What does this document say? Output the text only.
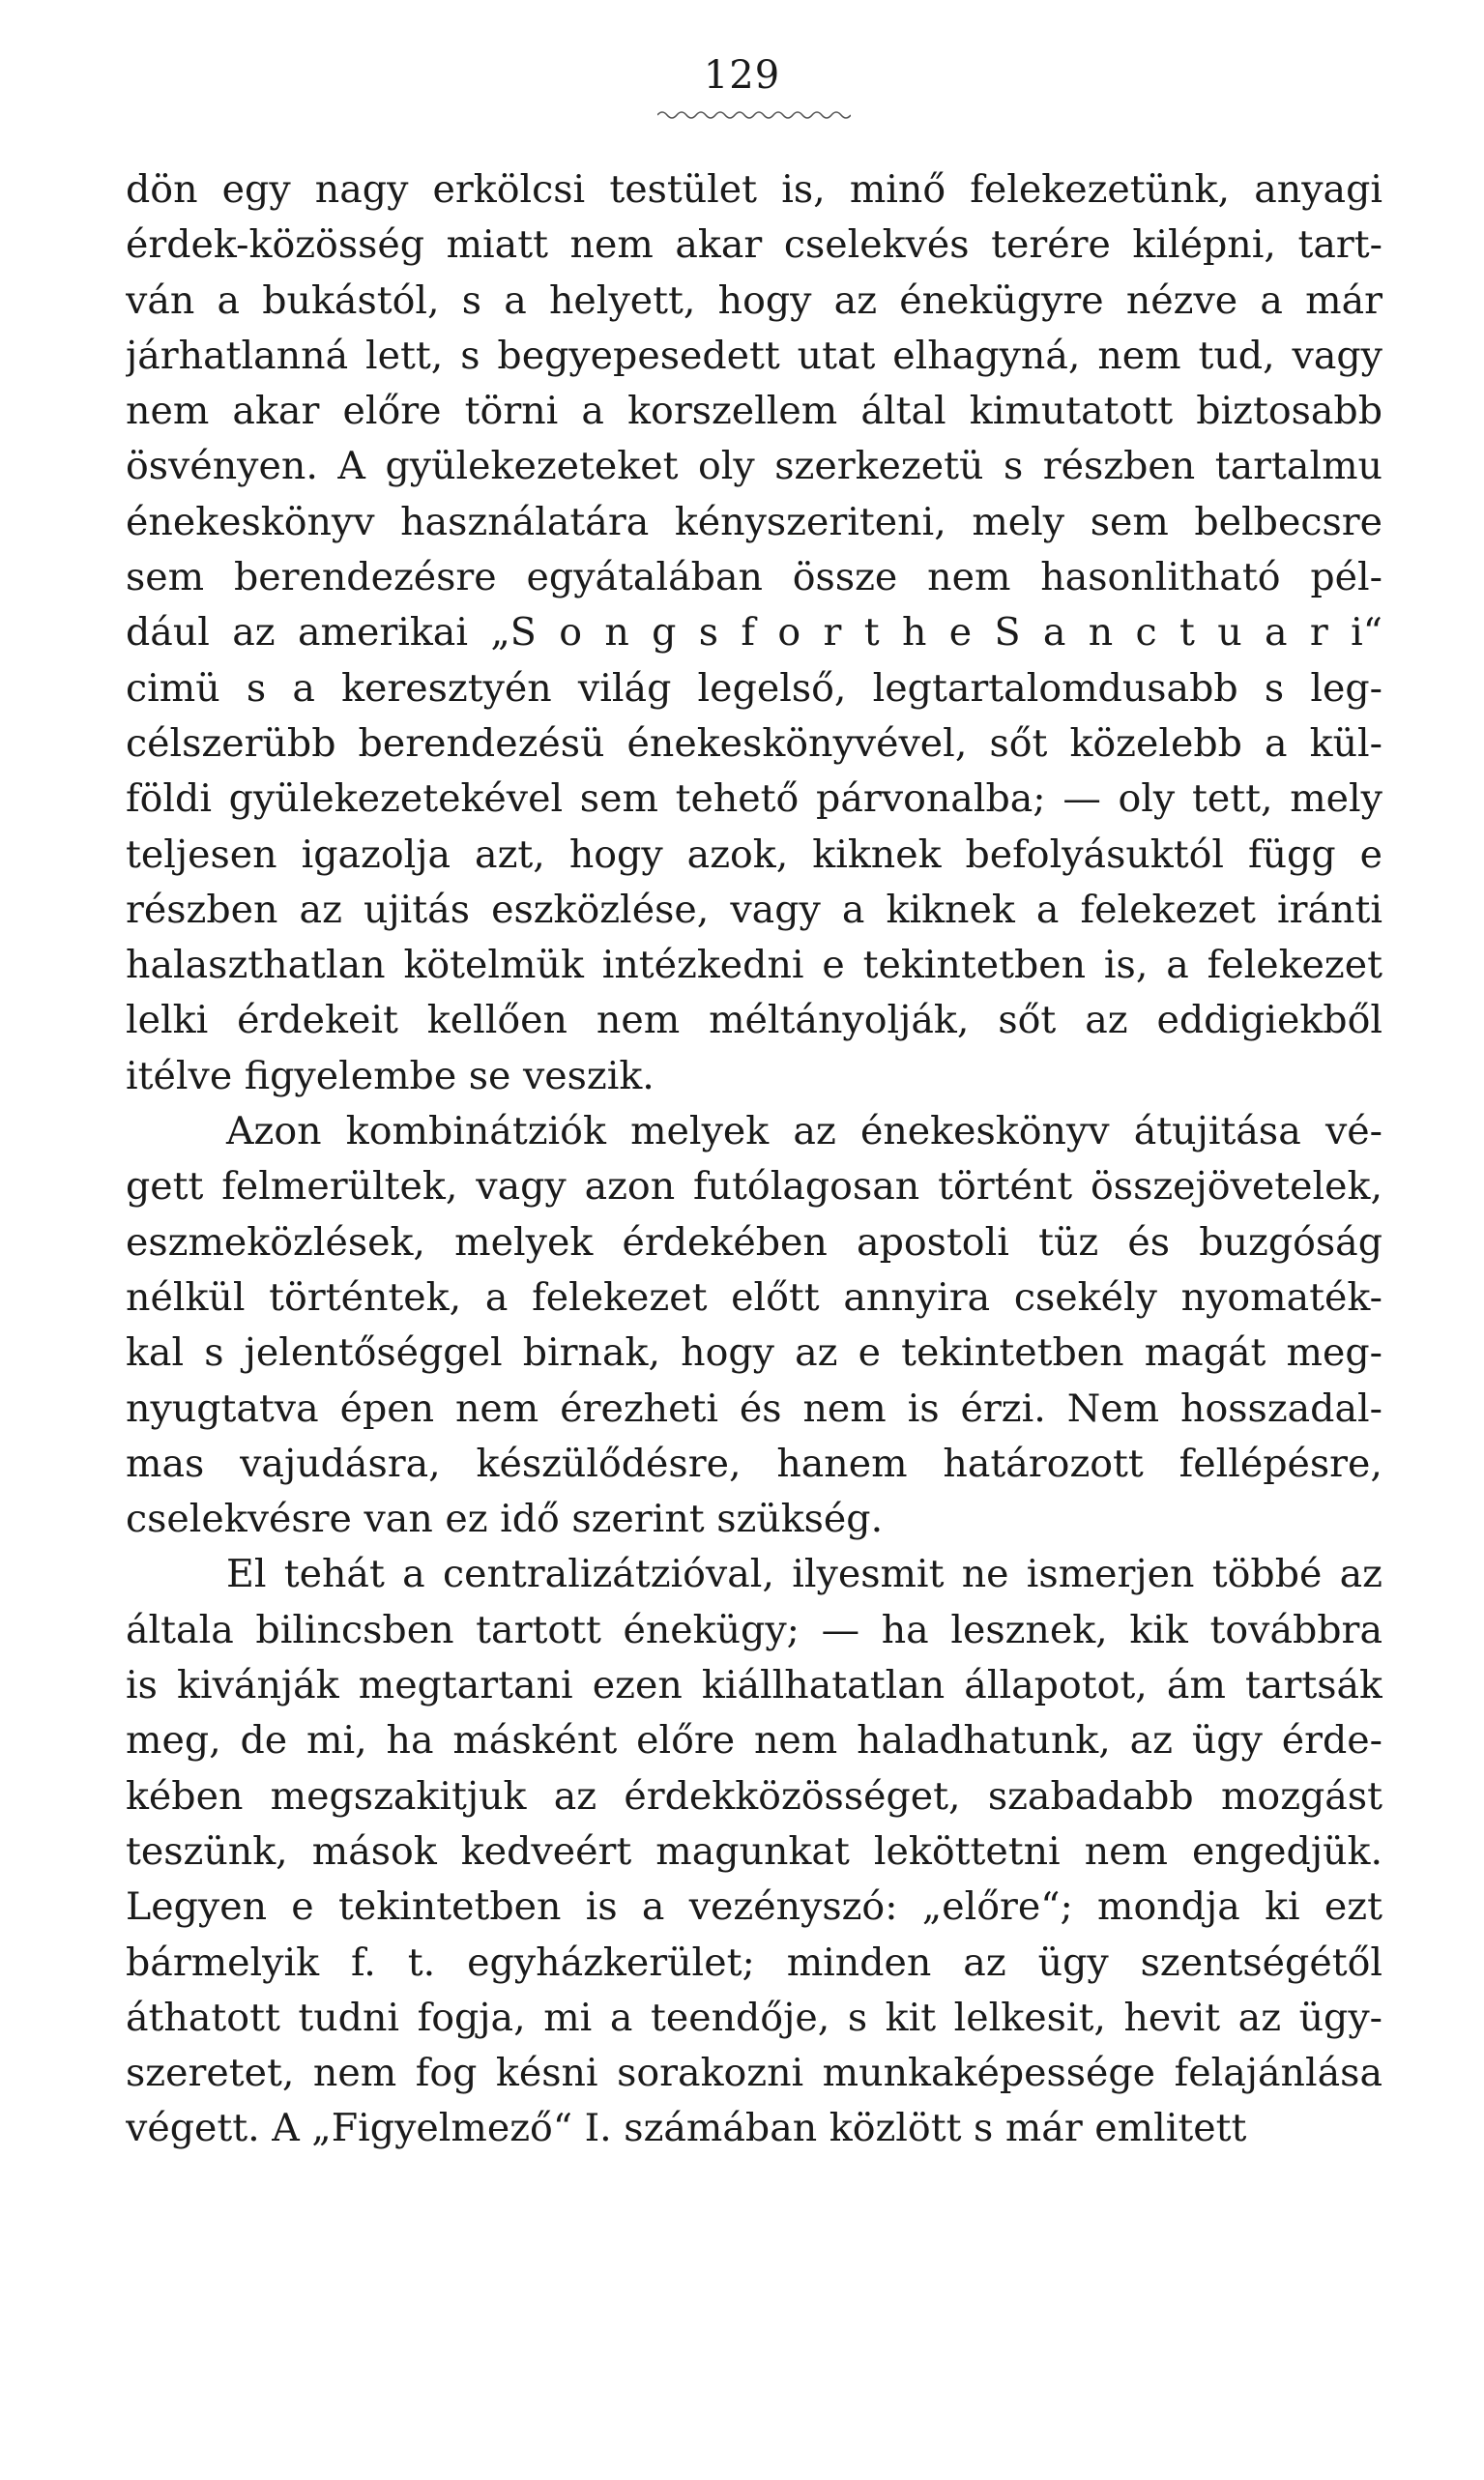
129
dön egy nagy erkölcsi testület is, minő felekezetünk, anyagi
érdek-közösség miatt nem akar cselekvés terére kilépni, tart-
ván a bukástól, s a helyett, hogy az énekügyre nézve a már
járhatlanná lett, s begyepesedett utat elhagyná, nem tud, vagy
nem akar előre törni a korszellem által kimutatott biztosabb
ösvényen. A gyülekezeteket oly szerkezetü s részben tartalmu
énekeskönyv használatára kényszeriteni, mely sem belbecsre
sem berendezésre egyátalában össze nem hasonlitható pél-
dául az amerikai „S o n g s f o r t h e S a n c t u a r i“
cimü s a keresztyén világ legelső, legtartalomdusabb s leg-
célszerübb berendezésü énekeskönyvével, sőt közelebb a kül-
földi gyülekezetekével sem tehető párvonalba; — oly tett, mely
teljesen igazolja azt, hogy azok, kiknek befolyásuktól függ e
részben az ujitás eszközlése, vagy a kiknek a felekezet iránti
halaszthatlan kötelmük intézkedni e tekintetben is, a felekezet
lelki érdekeit kellően nem méltányolják, sőt az eddigiekből
itélve figyelembe se veszik.
Azon kombinátziók melyek az énekeskönyv átujitása vé-
gett felmerültek, vagy azon futólagosan történt összejövetelek,
eszmeközlések, melyek érdekében apostoli tüz és buzgóság
nélkül történtek, a felekezet előtt annyira csekély nyomaték-
kal s jelentőséggel birnak, hogy az e tekintetben magát meg-
nyugtatva épen nem érezheti és nem is érzi. Nem hosszadal-
mas vajudásra, készülődésre, hanem határozott fellépésre,
cselekvésre van ez idő szerint szükség.
El tehát a centralizátzióval, ilyesmit ne ismerjen többé az
általa bilincsben tartott énekügy; — ha lesznek, kik továbbra
is kivánják megtartani ezen kiállhatatlan állapotot, ám tartsák
meg, de mi, ha másként előre nem haladhatunk, az ügy érde-
kében megszakitjuk az érdekközösséget, szabadabb mozgást
teszünk, mások kedveért magunkat leköttetni nem engedjük.
Legyen e tekintetben is a vezényszó: „előre“; mondja ki ezt
bármelyik f. t. egyházkerület; minden az ügy szentségétől
áthatott tudni fogja, mi a teendője, s kit lelkesit, hevit az ügy-
szeretet, nem fog késni sorakozni munkaképessége felajánlása
végett. A „Figyelmező“ I. számában közlött s már emlitett
